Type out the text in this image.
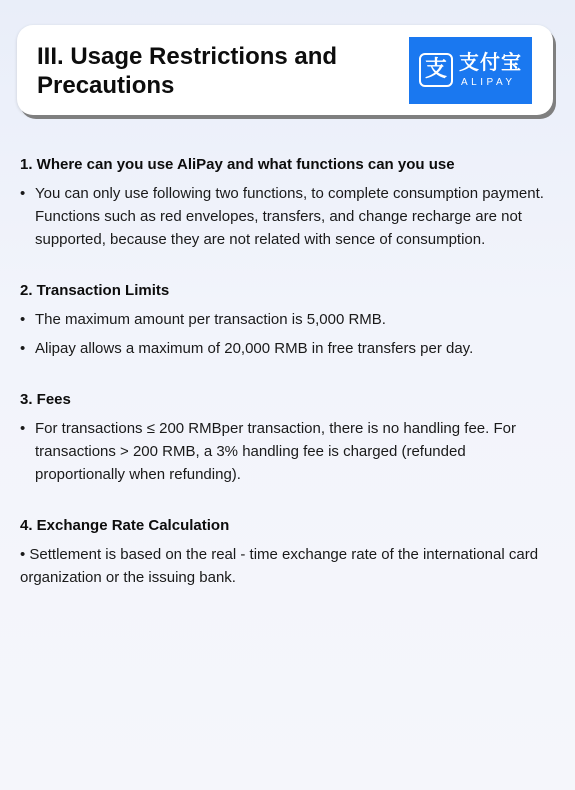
III. Usage Restrictions and Precautions
支 支付宝
ALIPAY
1. Where can you use AliPay and what functions can you use
• You can only use following two functions, to complete consumption payment. Functions such as red envelopes, transfers, and change recharge are not supported, because they are not related with sence of consumption.
2. Transaction Limits
• The maximum amount per transaction is 5,000 RMB.
• Alipay allows a maximum of 20,000 RMB in free transfers per day.
3. Fees
• For transactions ≤ 200 RMBper transaction, there is no handling fee. For transactions > 200 RMB, a 3% handling fee is charged (refunded proportionally when refunding).
4. Exchange Rate Calculation

• Settlement is based on the real - time exchange rate of the international card organization or the issuing bank.
